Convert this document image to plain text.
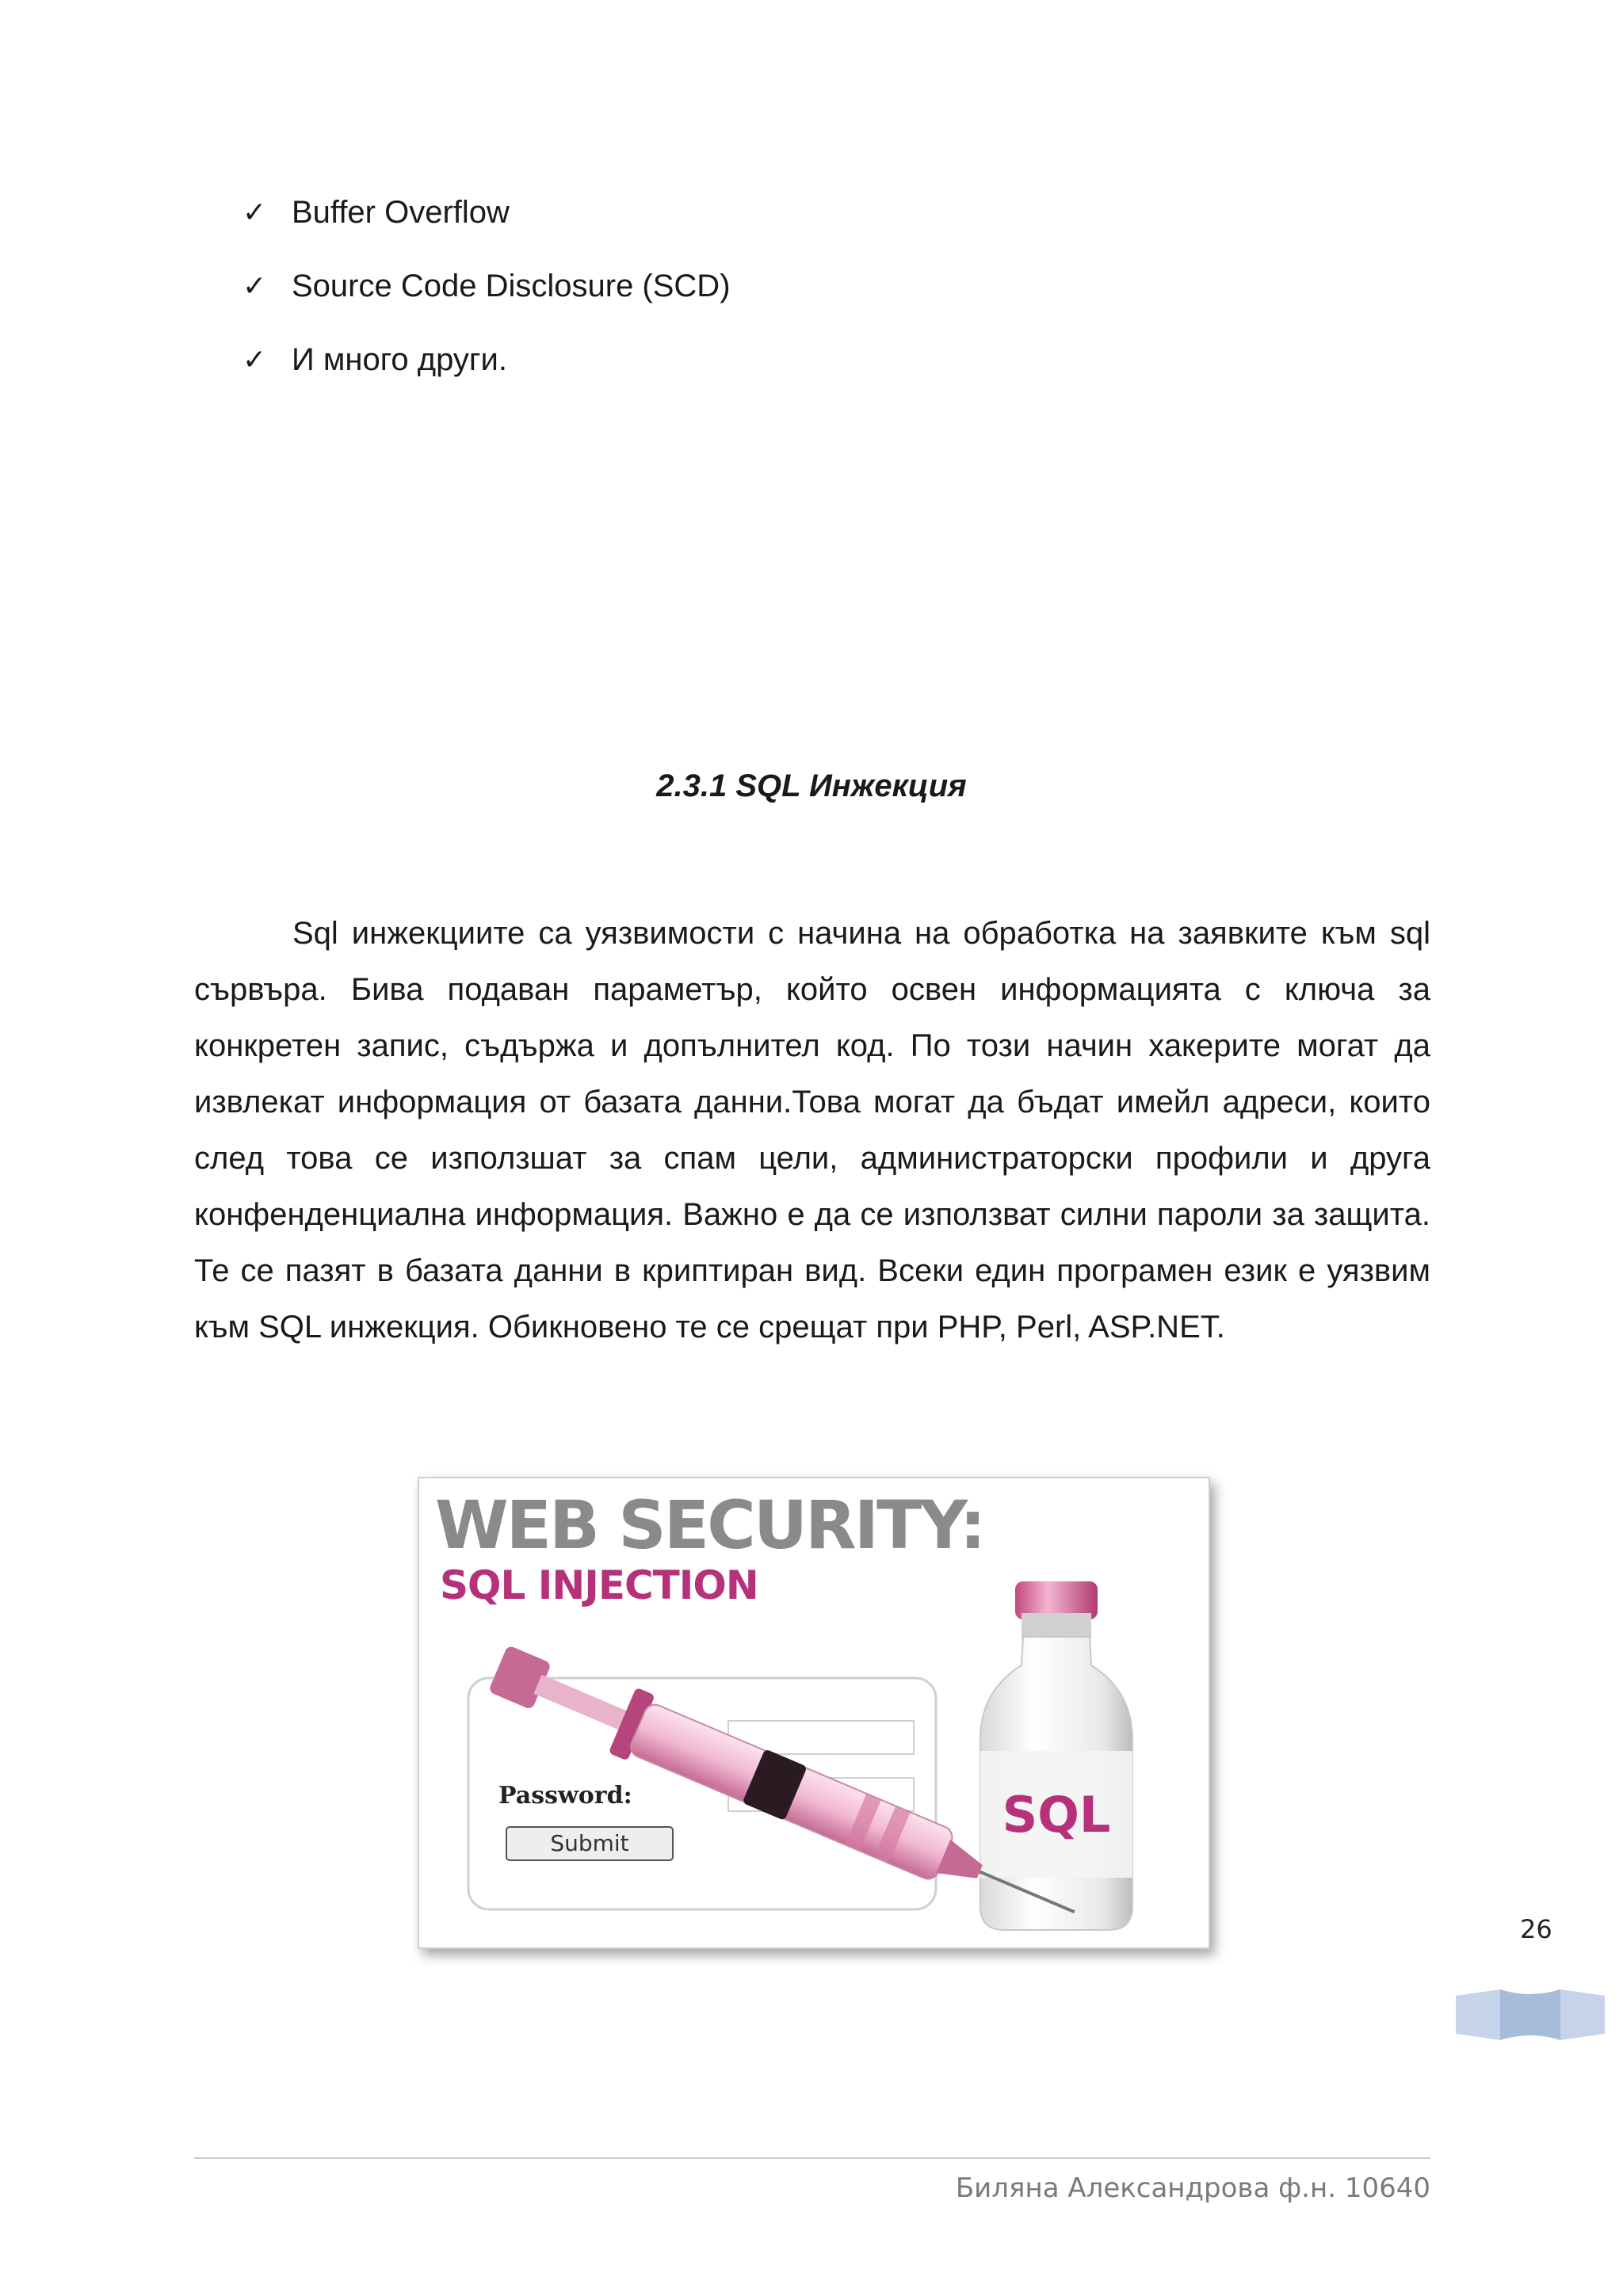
✓ Buffer Overflow
✓ Source Code Disclosure (SCD)
✓ И много други.
2.3.1 SQL Инжекция

Sql инжекциите са уязвимости с начина на обработка на заявките към sql сървъра. Бива подаван параметър, който освен информацията с ключа за конкретен запис, съдържа и допълнител код. По този начин хакерите могат да извлекат информация от базата данни.Това могат да бъдат имейл адреси, които след това се използшат за спам цели, администраторски профили и друга конфенденциална информация. Важно е да се използват силни пароли за защита. Те се пазят в базата данни в криптиран вид. Всеки един програмен език е уязвим към SQL инжекция. Обикновено те се срещат при PHP, Perl, ASP.NET.

WEB SECURITY:
SQL INJECTION
Password:
Submit	SQL
26
Биляна Александрова ф.н. 10640
